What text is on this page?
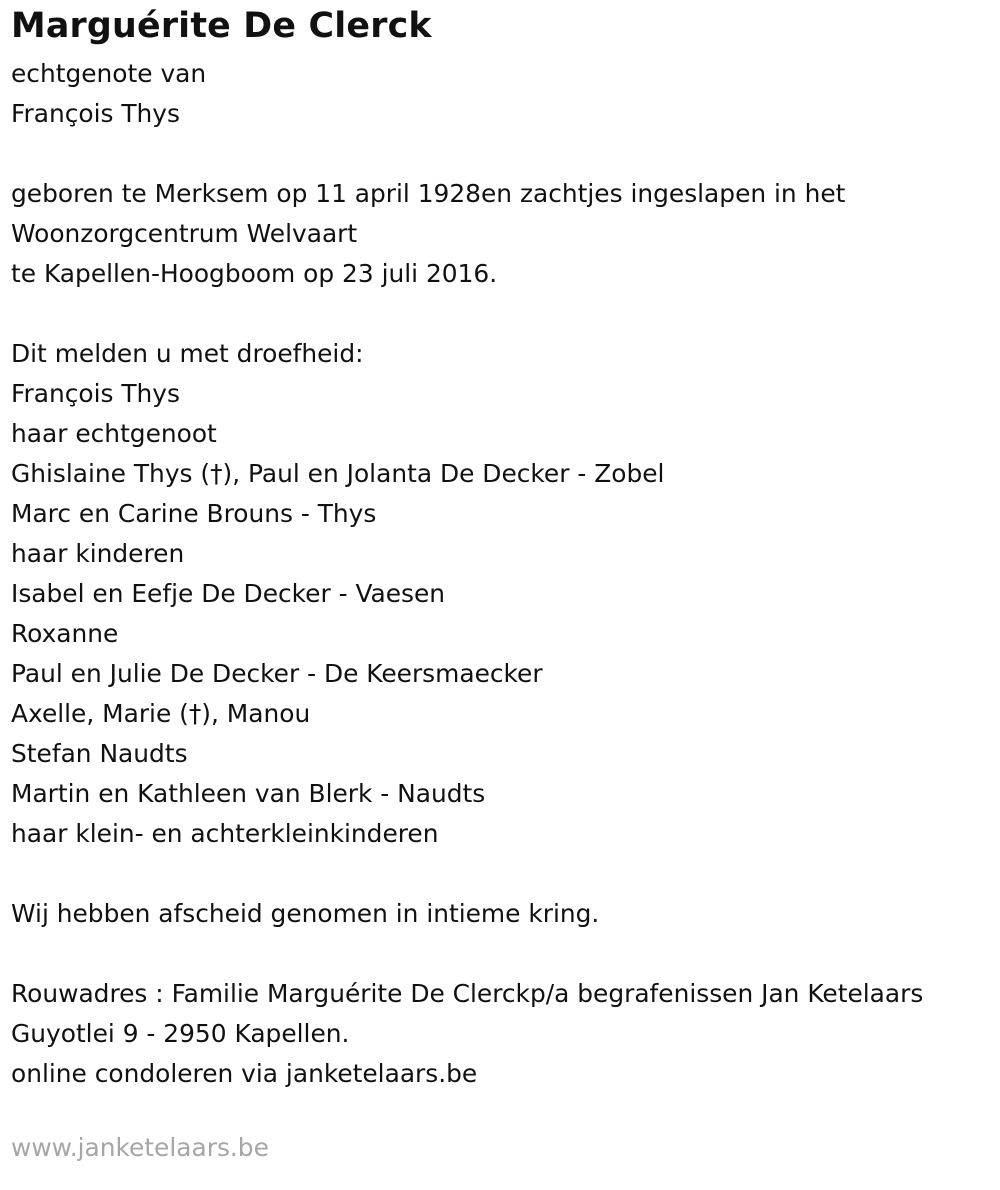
Marguérite De Clerck
echtgenote van
François Thys
geboren te Merksem op 11 april 1928en zachtjes ingeslapen in het
Woonzorgcentrum Welvaart
te Kapellen-Hoogboom op 23 juli 2016.
Dit melden u met droefheid:
François Thys
haar echtgenoot
Ghislaine Thys (†), Paul en Jolanta De Decker - Zobel
Marc en Carine Brouns - Thys
haar kinderen
Isabel en Eefje De Decker - Vaesen
Roxanne
Paul en Julie De Decker - De Keersmaecker
Axelle, Marie (†), Manou
Stefan Naudts
Martin en Kathleen van Blerk - Naudts
haar klein- en achterkleinkinderen
Wij hebben afscheid genomen in intieme kring.
Rouwadres : Familie Marguérite De Clerckp/a begrafenissen Jan Ketelaars
Guyotlei 9 - 2950 Kapellen.
online condoleren via janketelaars.be
www.janketelaars.be
